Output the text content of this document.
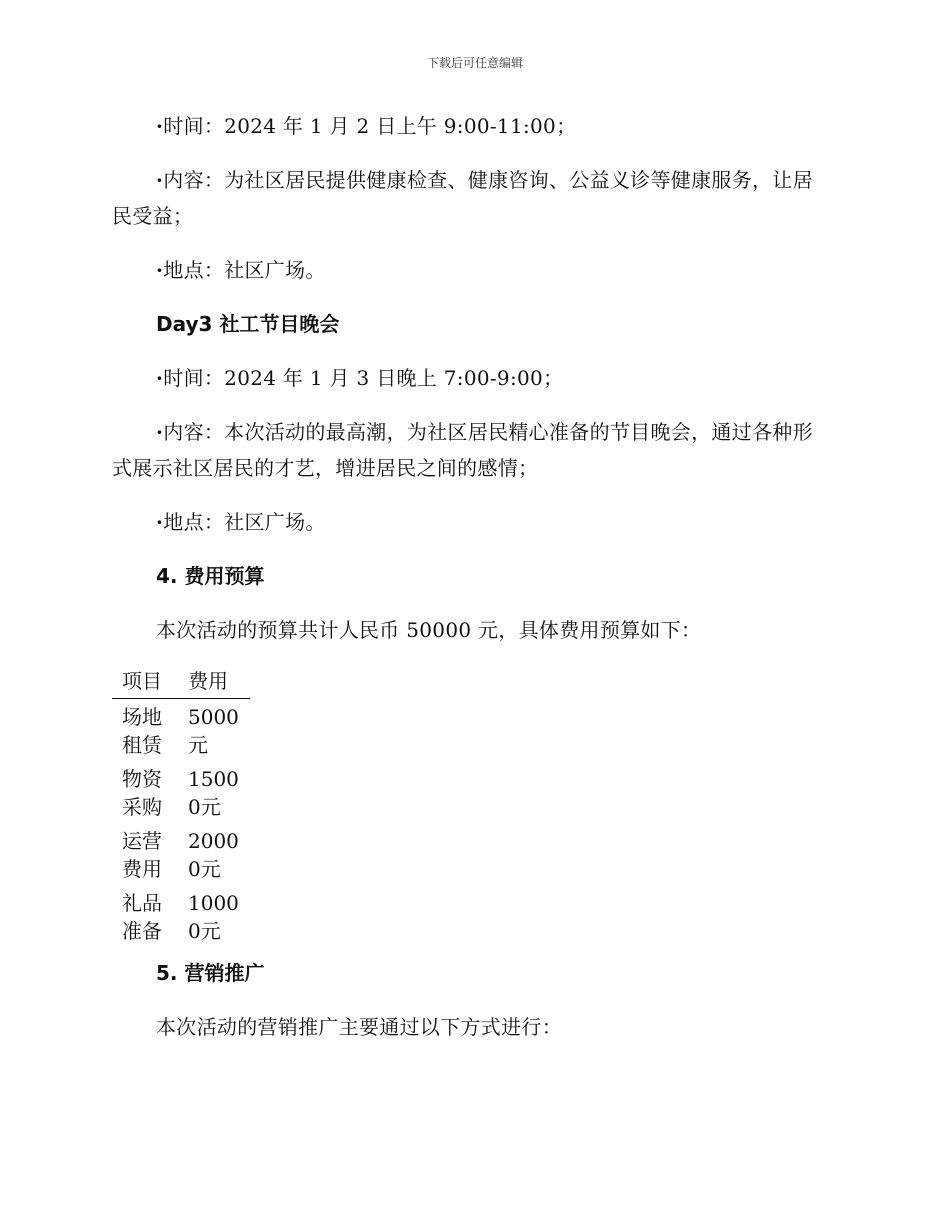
下载后可任意编辑

·时间：2024 年 1 月 2 日上午 9:00-11:00；

·内容：为社区居民提供健康检查、健康咨询、公益义诊等健康服务，让居民受益；

·地点：社区广场。

Day3 社工节目晚会

·时间：2024 年 1 月 3 日晚上 7:00-9:00；

·内容：本次活动的最高潮，为社区居民精心准备的节目晚会，通过各种形式展示社区居民的才艺，增进居民之间的感情；

·地点：社区广场。

4. 费用预算

本次活动的预算共计人民币 50000 元，具体费用预算如下：

项目	费用
场地租赁	5000元
物资采购	15000元
运营费用	20000元
礼品准备	10000元

5. 营销推广

本次活动的营销推广主要通过以下方式进行：
